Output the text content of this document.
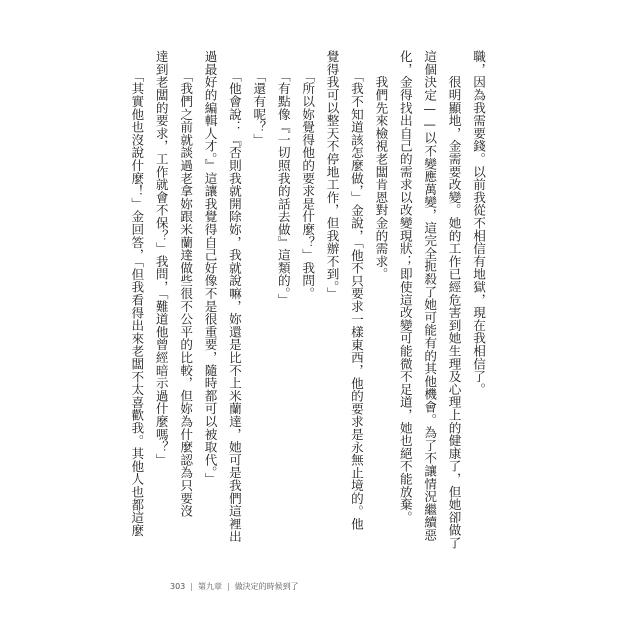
職，因為我需要錢。以前我從不相信有地獄，現在我相信了。

　　很明顯地，金需要改變。她的工作已經危害到她生理及心理上的健康了，但她卻做了

這個決定——以不變應萬變，這完全扼殺了她可能有的其他機會。為了不讓情況繼續惡

化，金得找出自己的需求以改變現狀；即使這改變可能微不足道，她也絕不能放棄。

　　我們先來檢視老闆肯恩對金的需求。

　　「我不知道該怎麼做，」金說，「他不只要求一樣東西，他的要求是永無止境的。他

覺得我可以整天不停地工作，但我辦不到。」

　　「所以妳覺得他的要求是什麼？」我問。

　　「有點像『一切照我的話去做』這類的。」

　　「還有呢？」

　　「他會說：『否則我就開除妳，我就說嘛，妳還是比不上米蘭達，她可是我們這裡出

過最好的編輯人才。』這讓我覺得自己好像不是很重要，隨時都可以被取代。」

　　「我們之前就談過老拿妳跟米蘭達做些很不公平的比較，但妳為什麼認為只要沒

達到老闆的要求，工作就會不保？」我問，「難道他曾經暗示過什麼嗎？」

　　「其實他也沒說什麼！」金回答，「但我看得出來老闆不太喜歡我。其他人也都這麼

303 | 第九章 | 做決定的時候到了
